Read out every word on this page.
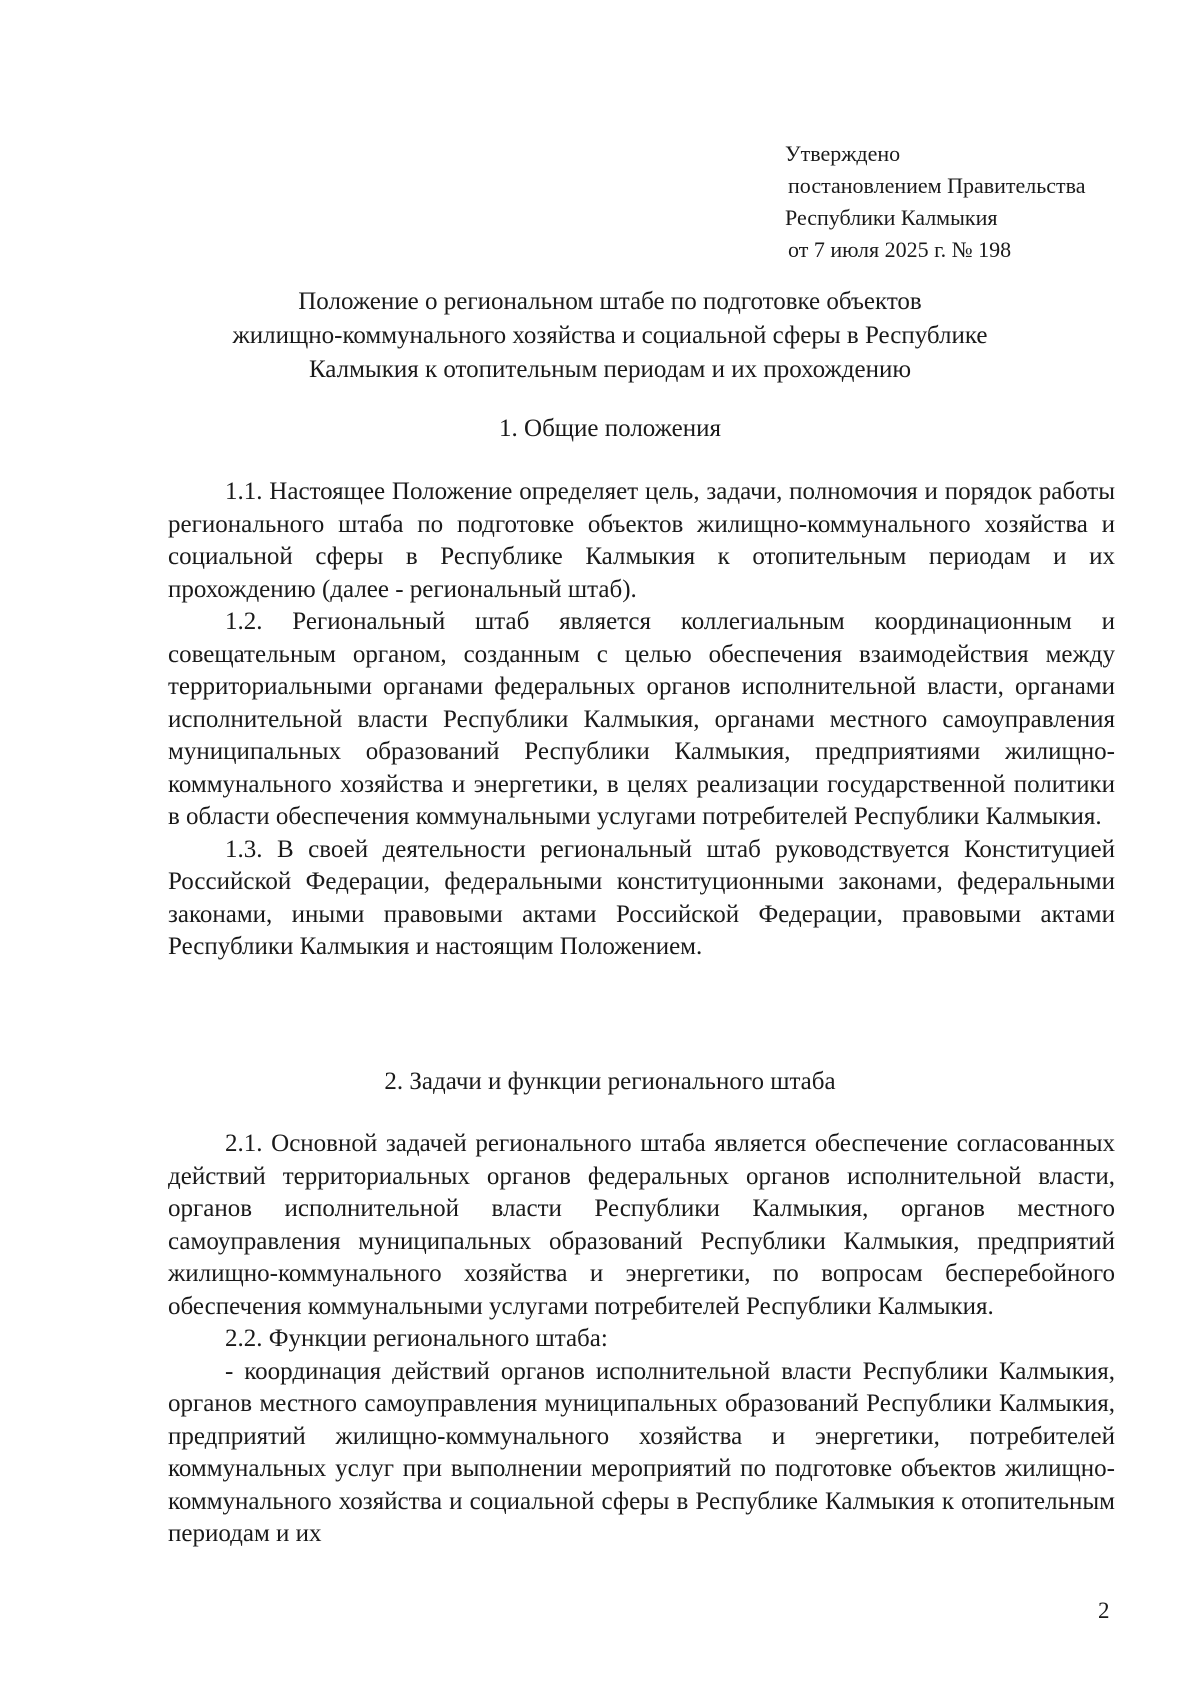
Утверждено
постановлением Правительства
Республики Калмыкия
от 7 июля 2025 г. № 198
Положение о региональном штабе по подготовке объектов
жилищно-коммунального хозяйства и социальной сферы в Республике
Калмыкия к отопительным периодам и их прохождению
1. Общие положения

1.1. Настоящее Положение определяет цель, задачи, полномочия и порядок работы регионального штаба по подготовке объектов жилищно-коммунального хозяйства и социальной сферы в Республике Калмыкия к отопительным периодам и их прохождению (далее - региональный штаб).

1.2. Региональный штаб является коллегиальным координационным и совещательным органом, созданным с целью обеспечения взаимодействия между территориальными органами федеральных органов исполнительной власти, органами исполнительной власти Республики Калмыкия, органами местного самоуправления муниципальных образований Республики Калмыкия, предприятиями жилищно-коммунального хозяйства и энергетики, в целях реализации государственной политики в области обеспечения коммунальными услугами потребителей Республики Калмыкия.

1.3. В своей деятельности региональный штаб руководствуется Конституцией Российской Федерации, федеральными конституционными законами, федеральными законами, иными правовыми актами Российской Федерации, правовыми актами Республики Калмыкия и настоящим Положением.

2. Задачи и функции регионального штаба

2.1. Основной задачей регионального штаба является обеспечение согласованных действий территориальных органов федеральных органов исполнительной власти, органов исполнительной власти Республики Калмыкия, органов местного самоуправления муниципальных образований Республики Калмыкия, предприятий жилищно-коммунального хозяйства и энергетики, по вопросам бесперебойного обеспечения коммунальными услугами потребителей Республики Калмыкия.

2.2. Функции регионального штаба:

- координация действий органов исполнительной власти Республики Калмыкия, органов местного самоуправления муниципальных образований Республики Калмыкия, предприятий жилищно-коммунального хозяйства и энергетики, потребителей коммунальных услуг при выполнении мероприятий по подготовке объектов жилищно-коммунального хозяйства и социальной сферы в Республике Калмыкия к отопительным периодам и их

2
